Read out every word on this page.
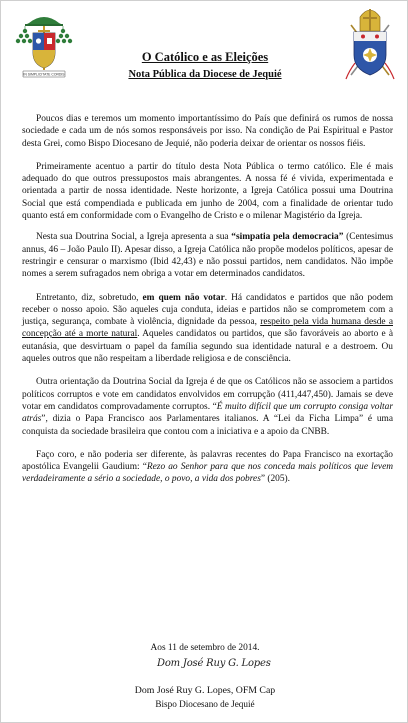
IN SIMPLICITATE CORDIS
O Católico e as Eleições
Nota Pública da Diocese de Jequié

Poucos dias e teremos um momento importantíssimo do País que definirá os rumos de nossa sociedade e cada um de nós somos responsáveis por isso. Na condição de Pai Espiritual e Pastor desta Grei, como Bispo Diocesano de Jequié, não poderia deixar de orientar os nossos fiéis.

Primeiramente acentuo a partir do título desta Nota Pública o termo católico. Ele é mais adequado do que outros pressupostos mais abrangentes. A nossa fé é vivida, experimentada e orientada a partir de nossa identidade. Neste horizonte, a Igreja Católica possui uma Doutrina Social que está compendiada e publicada em junho de 2004, com a finalidade de orientar tudo quanto está em conformidade com o Evangelho de Cristo e o milenar Magistério da Igreja.

Nesta sua Doutrina Social, a Igreja apresenta a sua “simpatia pela democracia” (Centesimus annus, 46 – João Paulo II). Apesar disso, a Igreja Católica não propõe modelos políticos, apesar de restringir e censurar o marxismo (Ibid 42,43) e não possui partidos, nem candidatos. Não impõe nomes a serem sufragados nem obriga a votar em determinados candidatos.

Entretanto, diz, sobretudo, em quem não votar. Há candidatos e partidos que não podem receber o nosso apoio. São aqueles cuja conduta, ideias e partidos não se comprometem com a justiça, segurança, combate à violência, dignidade da pessoa, respeito pela vida humana desde a concepção até a morte natural. Aqueles candidatos ou partidos, que são favoráveis ao aborto e à eutanásia, que desvirtuam o papel da família segundo sua identidade natural e a destroem. Ou aqueles outros que não respeitam a liberdade religiosa e de consciência.

Outra orientação da Doutrina Social da Igreja é de que os Católicos não se associem a partidos políticos corruptos e vote em candidatos envolvidos em corrupção (411,447,450). Jamais se deve votar em candidatos comprovadamente corruptos. “É muito difícil que um corrupto consiga voltar atrás”, dizia o Papa Francisco aos Parlamentares italianos. A “Lei da Ficha Limpa” é uma conquista da sociedade brasileira que contou com a iniciativa e a apoio da CNBB.

Faço coro, e não poderia ser diferente, às palavras recentes do Papa Francisco na exortação apostólica Evangelii Gaudium: “Rezo ao Senhor para que nos conceda mais políticos que levem verdadeiramente a sério a sociedade, o povo, a vida dos pobres” (205).

Aos 11 de setembro de 2014.
Dom José Ruy G. Lopes
Dom José Ruy G. Lopes, OFM Cap
Bispo Diocesano de Jequié
